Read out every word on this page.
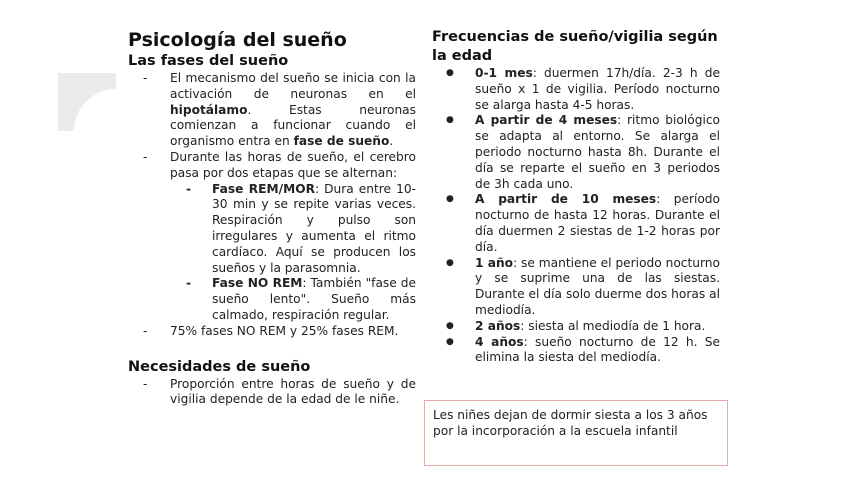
Psicología del sueño
Las fases del sueño
- El mecanismo del sueño se inicia con la activación de neuronas en el hipotálamo. Estas neuronas comienzan a funcionar cuando el organismo entra en fase de sueño.
- Durante las horas de sueño, el cerebro pasa por dos etapas que se alternan:
- Fase REM/MOR: Dura entre 10-30 min y se repite varias veces. Respiración y pulso son irregulares y aumenta el ritmo cardíaco. Aquí se producen los sueños y la parasomnia.
- Fase NO REM: También "fase de sueño lento". Sueño más calmado, respiración regular.
- 75% fases NO REM y 25% fases REM.
Necesidades de sueño
- Proporción entre horas de sueño y de vigilia depende de la edad de le niñe.
Frecuencias de sueño/vigilia según la edad
● 0-1 mes: duermen 17h/día. 2-3 h de sueño x 1 de vigilia. Período nocturno se alarga hasta 4-5 horas.
● A partir de 4 meses: ritmo biológico se adapta al entorno. Se alarga el periodo nocturno hasta 8h. Durante el día se reparte el sueño en 3 periodos de 3h cada uno.
● A partir de 10 meses: período nocturno de hasta 12 horas. Durante el día duermen 2 siestas de 1-2 horas por día.
● 1 año: se mantiene el periodo nocturno y se suprime una de las siestas. Durante el día solo duerme dos horas al mediodía.
● 2 años: siesta al mediodía de 1 hora.
● 4 años: sueño nocturno de 12 h. Se elimina la siesta del mediodía.
Les niñes dejan de dormir siesta a los 3 años por la incorporación a la escuela infantil
